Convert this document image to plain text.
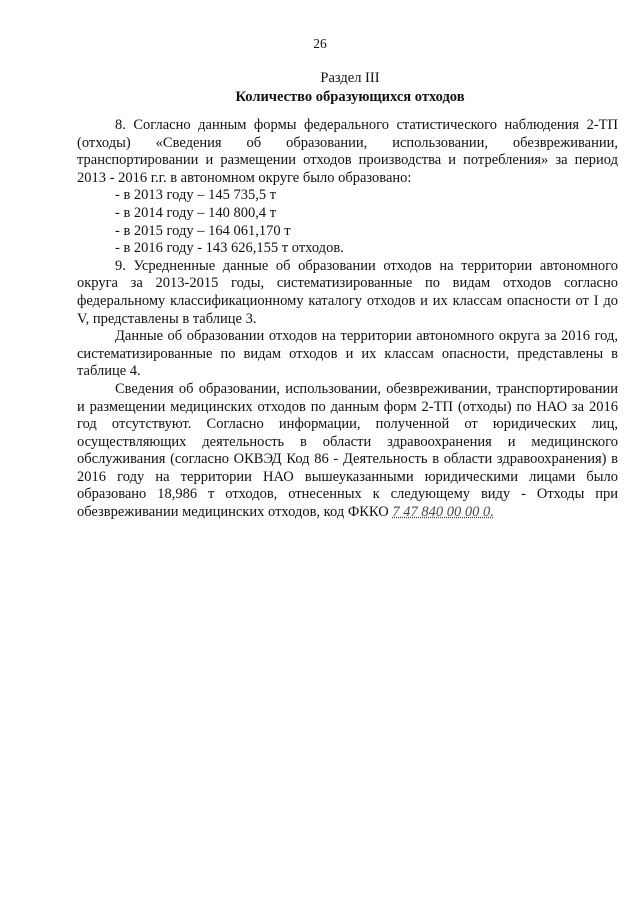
26
Раздел III
Количество образующихся отходов

8. Согласно данным формы федерального статистического наблюдения 2-ТП (отходы) «Сведения об образовании, использовании, обезвреживании, транспортировании и размещении отходов производства и потребления» за период 2013 - 2016 г.г. в автономном округе было образовано:

- в 2013 году – 145 735,5 т

- в 2014 году – 140 800,4 т

- в 2015 году – 164 061,170 т

- в 2016 году - 143 626,155 т отходов.

9. Усредненные данные об образовании отходов на территории автономного округа за 2013-2015 годы, систематизированные по видам отходов согласно федеральному классификационному каталогу отходов и их классам опасности от I до V, представлены в таблице 3.

Данные об образовании отходов на территории автономного округа за 2016 год, систематизированные по видам отходов и их классам опасности, представлены в таблице 4.

Сведения об образовании, использовании, обезвреживании, транспортировании и размещении медицинских отходов по данным форм 2-ТП (отходы) по НАО за 2016 год отсутствуют. Согласно информации, полученной от юридических лиц, осуществляющих деятельность в области здравоохранения и медицинского обслуживания (согласно ОКВЭД Код 86 - Деятельность в области здравоохранения) в 2016 году на территории НАО вышеуказанными юридическими лицами было образовано 18,986 т отходов, отнесенных к следующему виду - Отходы при обезвреживании медицинских отходов, код ФККО 7 47 840 00 00 0.
